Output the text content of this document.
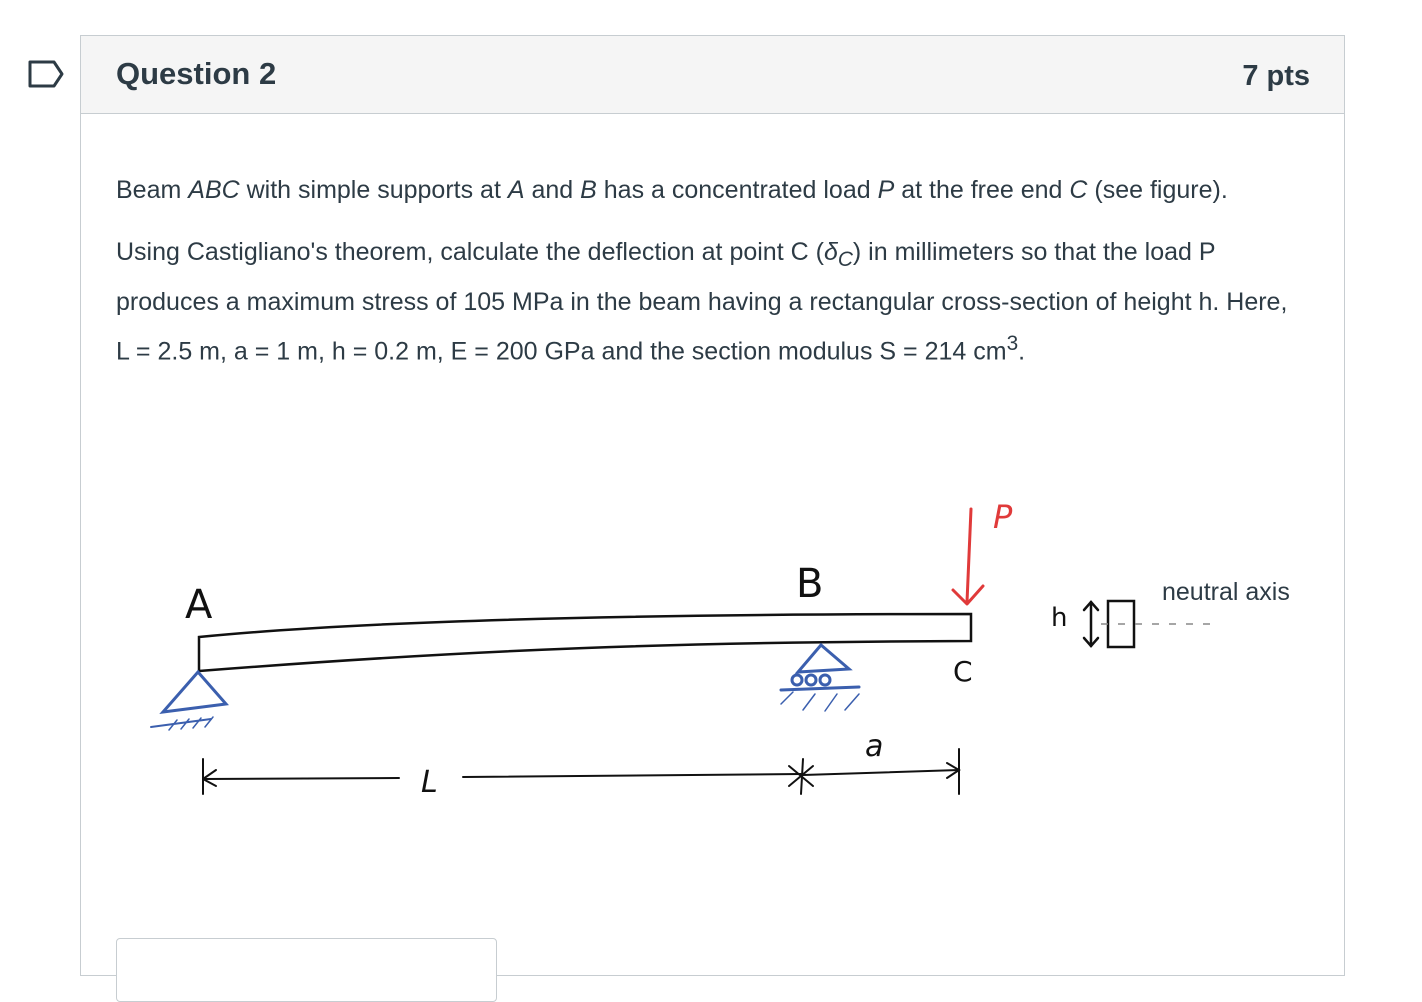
Question 2	7 pts

Beam ABC with simple supports at A and B has a concentrated load P at the free end C (see figure).

Using Castigliano's theorem, calculate the deflection at point C $(\delta_C)$ in millimeters so that the load P produces a maximum stress of 105 MPa in the beam having a rectangular cross-section of height h. Here, L = 2.5 m, a = 1 m, h = 0.2 m, E = 200 GPa and the section modulus S = 214 $cm^3$.

P
A	B
C
L
a
h
neutral axis
